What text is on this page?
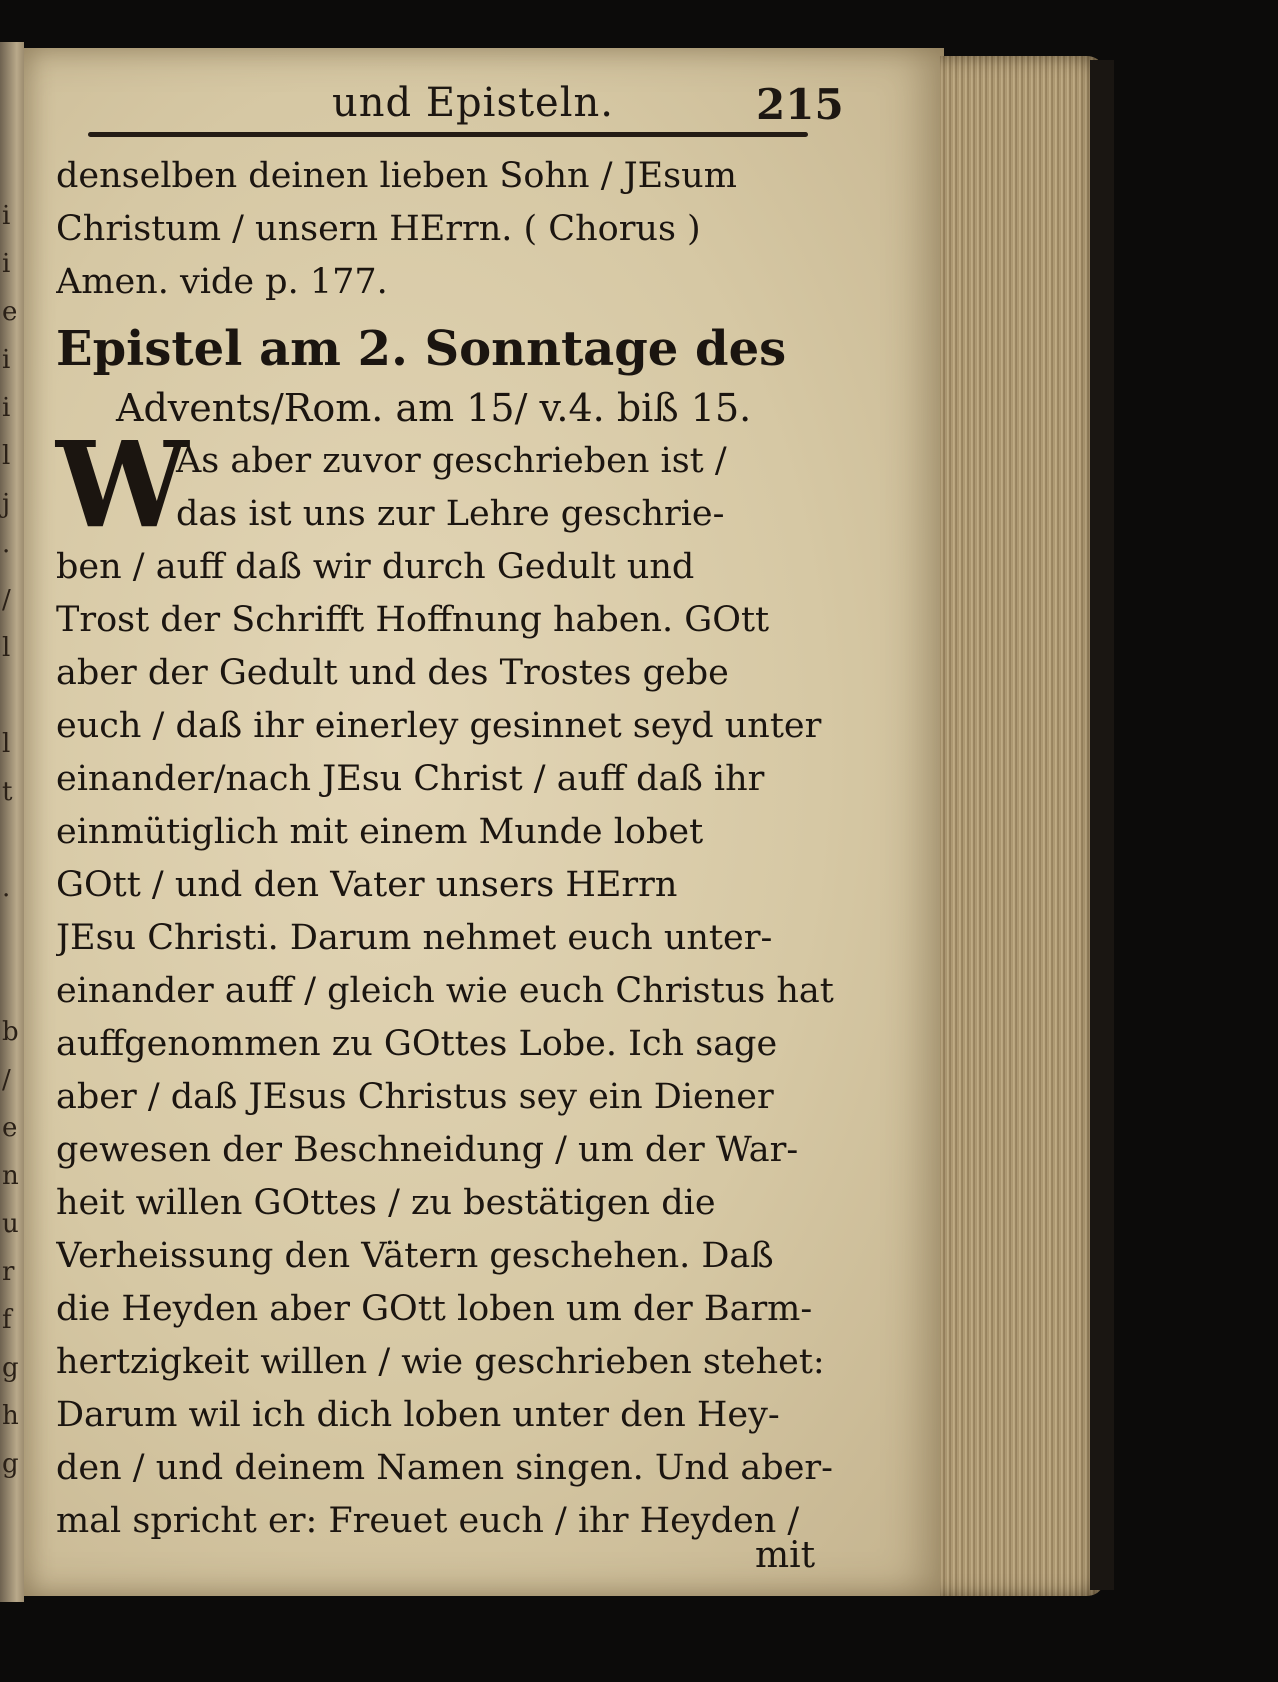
i
i
e
i
i
l
j
·
/
l

l
t

.

b
/
e
n
u
r
f
g
h
g
und Episteln.	215
denselben deinen lieben Sohn / JEsum
Christum / unsern HErrn. ( Chorus )
Amen. vide p. 177.
Epistel am 2. Sonntage des
Advents/Rom. am 15/ v.4. biß 15.
W
As aber zuvor geschrieben ist /
das ist uns zur Lehre geschrie-
ben / auff daß wir durch Gedult und
Trost der Schrifft Hoffnung haben. GOtt
aber der Gedult und des Trostes gebe
euch / daß ihr einerley gesinnet seyd unter
einander/nach JEsu Christ / auff daß ihr
einmütiglich mit einem Munde lobet
GOtt / und den Vater unsers HErrn
JEsu Christi. Darum nehmet euch unter-
einander auff / gleich wie euch Christus hat
auffgenommen zu GOttes Lobe. Ich sage
aber / daß JEsus Christus sey ein Diener
gewesen der Beschneidung / um der War-
heit willen GOttes / zu bestätigen die
Verheissung den Vätern geschehen. Daß
die Heyden aber GOtt loben um der Barm-
hertzigkeit willen / wie geschrieben stehet:
Darum wil ich dich loben unter den Hey-
den / und deinem Namen singen. Und aber-
mal spricht er: Freuet euch / ihr Heyden /
mit
